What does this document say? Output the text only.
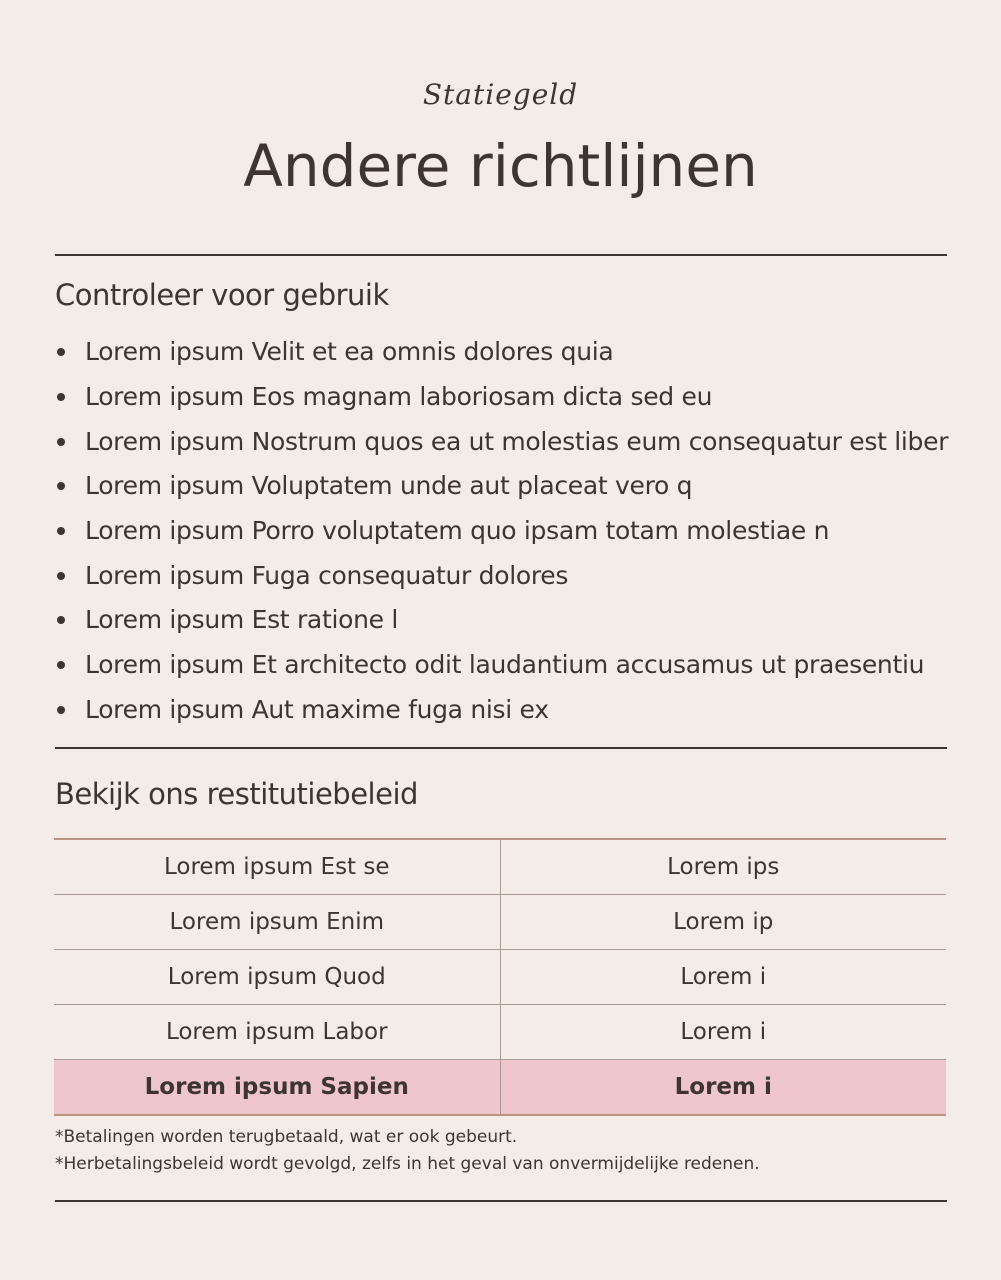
Statiegeld
Andere richtlijnen
Controleer voor gebruik
Lorem ipsum Velit et ea omnis dolores quia
Lorem ipsum Eos magnam laboriosam dicta sed eu
Lorem ipsum Nostrum quos ea ut molestias eum consequatur est liber
Lorem ipsum Voluptatem unde aut placeat vero q
Lorem ipsum Porro voluptatem quo ipsam totam molestiae n
Lorem ipsum Fuga consequatur dolores
Lorem ipsum Est ratione l
Lorem ipsum Et architecto odit laudantium accusamus ut praesentiu
Lorem ipsum Aut maxime fuga nisi ex
Bekijk ons restitutiebeleid
Lorem ipsum Est se	Lorem ips
Lorem ipsum Enim	Lorem ip
Lorem ipsum Quod	Lorem i
Lorem ipsum Labor	Lorem i
Lorem ipsum Sapien	Lorem i
*Betalingen worden terugbetaald, wat er ook gebeurt.
*Herbetalingsbeleid wordt gevolgd, zelfs in het geval van onvermijdelijke redenen.
